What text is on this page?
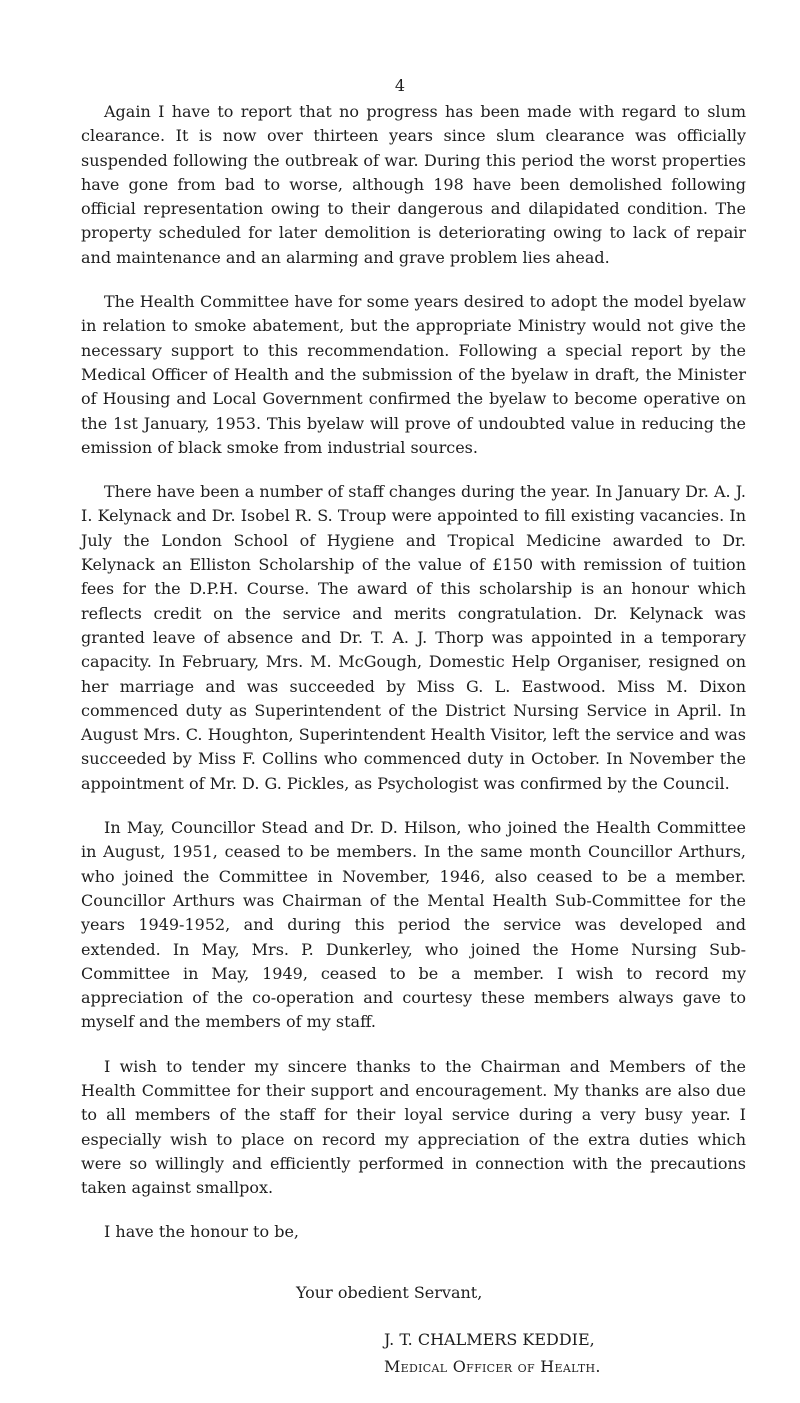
4

Again I have to report that no progress has been made with regard to slum clearance. It is now over thirteen years since slum clearance was officially suspended following the outbreak of war. During this period the worst properties have gone from bad to worse, although 198 have been demolished following official representation owing to their dangerous and dilapidated condition. The property scheduled for later demolition is deteriorating owing to lack of repair and maintenance and an alarming and grave problem lies ahead.

The Health Committee have for some years desired to adopt the model byelaw in relation to smoke abatement, but the appropriate Ministry would not give the necessary support to this recommendation. Following a special report by the Medical Officer of Health and the submission of the byelaw in draft, the Minister of Housing and Local Government confirmed the byelaw to become operative on the 1st January, 1953. This byelaw will prove of undoubted value in reducing the emission of black smoke from industrial sources.

There have been a number of staff changes during the year. In January Dr. A. J. I. Kelynack and Dr. Isobel R. S. Troup were appointed to fill existing vacancies. In July the London School of Hygiene and Tropical Medicine awarded to Dr. Kelynack an Elliston Scholarship of the value of £150 with remission of tuition fees for the D.P.H. Course. The award of this scholarship is an honour which reflects credit on the service and merits congratulation. Dr. Kelynack was granted leave of absence and Dr. T. A. J. Thorp was appointed in a temporary capacity. In February, Mrs. M. McGough, Domestic Help Organiser, resigned on her marriage and was succeeded by Miss G. L. Eastwood. Miss M. Dixon commenced duty as Superintendent of the District Nursing Service in April. In August Mrs. C. Houghton, Superintendent Health Visitor, left the service and was succeeded by Miss F. Collins who commenced duty in October. In November the appointment of Mr. D. G. Pickles, as Psychologist was confirmed by the Council.

In May, Councillor Stead and Dr. D. Hilson, who joined the Health Committee in August, 1951, ceased to be members. In the same month Councillor Arthurs, who joined the Committee in November, 1946, also ceased to be a member. Councillor Arthurs was Chairman of the Mental Health Sub-Committee for the years 1949-1952, and during this period the service was developed and extended. In May, Mrs. P. Dunkerley, who joined the Home Nursing Sub-Committee in May, 1949, ceased to be a member. I wish to record my appreciation of the co-operation and courtesy these members always gave to myself and the members of my staff.

I wish to tender my sincere thanks to the Chairman and Members of the Health Committee for their support and encouragement. My thanks are also due to all members of the staff for their loyal service during a very busy year. I especially wish to place on record my appreciation of the extra duties which were so willingly and efficiently performed in connection with the precautions taken against smallpox.

I have the honour to be,

Your obedient Servant,
J. T. CHALMERS KEDDIE,
Medical Officer of Health.
